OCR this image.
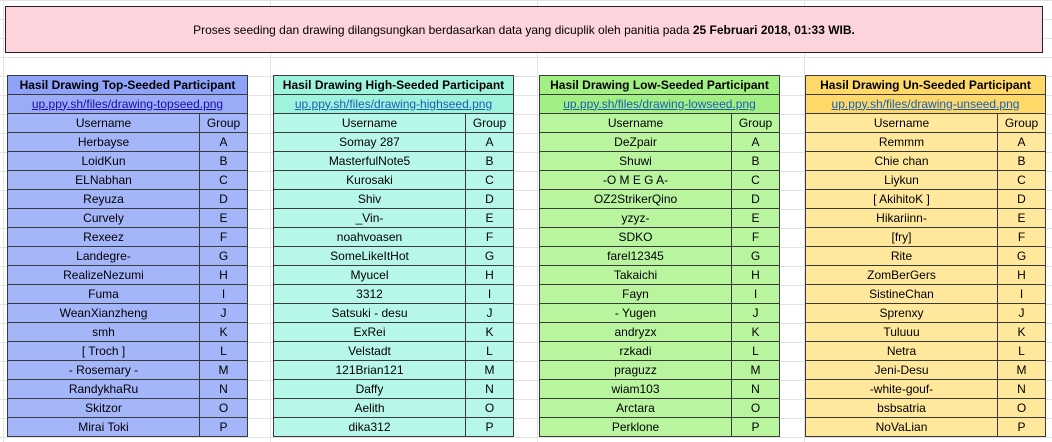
Proses seeding dan drawing dilangsungkan berdasarkan data yang dicuplik oleh panitia pada
25 Februari 2018, 01:33 WIB.
Hasil Drawing Top-Seeded Participant	
up.ppy.sh/files/drawing-topseed.png	
Username	Group
Herbayse	A
LoidKun	B
ELNabhan	C
Reyuza	D
Curvely	E
Rexeez	F
Landegre-	G
RealizeNezumi	H
Fuma	I
WeanXianzheng	J
smh	K
[ Troch ]	L
- Rosemary -	M
RandykhaRu	N
Skitzor	O
Mirai Toki	P
Hasil Drawing High-Seeded Participant	
up.ppy.sh/files/drawing-highseed.png	
Username	Group
Somay 287	A
MasterfulNote5	B
Kurosaki	C
Shiv	D
_Vin-	E
noahvoasen	F
SomeLikeItHot	G
Myucel	H
3312	I
Satsuki - desu	J
ExRei	K
Velstadt	L
121Brian121	M
Daffy	N
Aelith	O
dika312	P
Hasil Drawing Low-Seeded Participant	
up.ppy.sh/files/drawing-lowseed.png	
Username	Group
DeZpair	A
Shuwi	B
-O M E G A-	C
OZ2StrikerQino	D
yzyz-	E
SDKO	F
farel12345	G
Takaichi	H
Fayn	I
- Yugen	J
andryzx	K
rzkadi	L
praguzz	M
wiam103	N
Arctara	O
Perklone	P
Hasil Drawing Un-Seeded Participant	
up.ppy.sh/files/drawing-unseed.png	
Username	Group
Remmm	A
Chie chan	B
Liykun	C
[ AkihitoK ]	D
Hikariinn-	E
[fry]	F
Rite	G
ZomBerGers	H
SistineChan	I
Sprenxy	J
Tuluuu	K
Netra	L
Jeni-Desu	M
-white-gouf-	N
bsbsatria	O
NoVaLian	P
